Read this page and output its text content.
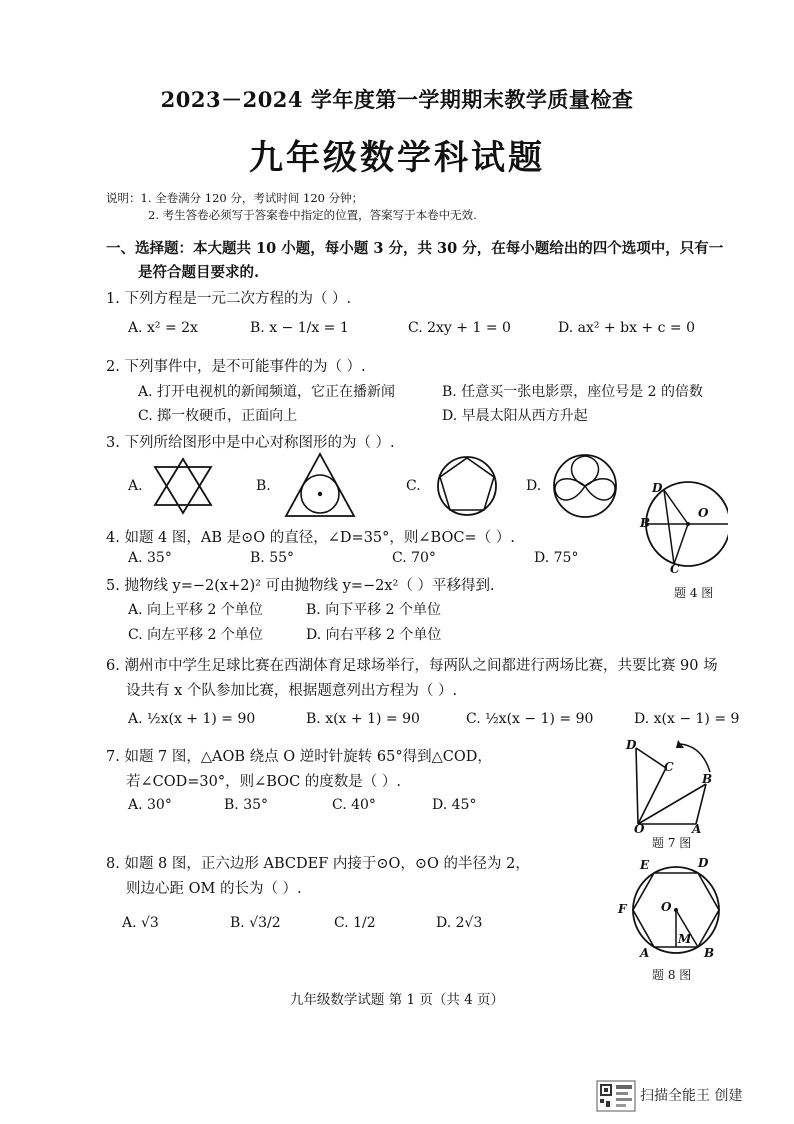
2023－2024 学年度第一学期期末教学质量检查
九年级数学科试题
说明：1. 全卷满分 120 分，考试时间 120 分钟；
2. 考生答卷必须写于答案卷中指定的位置，答案写于本卷中无效.
一、选择题：本大题共 10 小题，每小题 3 分，共 30 分，在每小题给出的四个选项中，只有一
是符合题目要求的.
1. 下列方程是一元二次方程的为（ ）.
A. x² = 2x	B. x − 1/x = 1	C. 2xy + 1 = 0	D. ax² + bx + c = 0
2. 下列事件中，是不可能事件的为（ ）.
A. 打开电视机的新闻频道，它正在播新闻	B. 任意买一张电影票，座位号是 2 的倍数
C. 掷一枚硬币，正面向上	D. 早晨太阳从西方升起
3. 下列所给图形中是中心对称图形的为（ ）.
A.	B.	C.	D.	D
B
O
C
题 4 图
4. 如题 4 图，AB 是⊙O 的直径，∠D=35°，则∠BOC=（ ）.
A. 35°	B. 55°	C. 70°	D. 75°
5. 抛物线 y=−2(x+2)² 可由抛物线 y=−2x²（ ）平移得到.
A. 向上平移 2 个单位	B. 向下平移 2 个单位
C. 向左平移 2 个单位	D. 向右平移 2 个单位
6. 潮州市中学生足球比赛在西湖体育足球场举行，每两队之间都进行两场比赛，共要比赛 90 场
设共有 x 个队参加比赛，根据题意列出方程为（ ）.
A. ½x(x + 1) = 90	B. x(x + 1) = 90	C. ½x(x − 1) = 90	D. x(x − 1) = 9
7. 如题 7 图，△AOB 绕点 O 逆时针旋转 65°得到△COD，
若∠COD=30°，则∠BOC 的度数是（ ）.
A. 30°	B. 35°	C. 40°	D. 45°
D
C
B
O	A
题 7 图
8. 如题 8 图，正六边形 ABCDEF 内接于⊙O，⊙O 的半径为 2，
则边心距 OM 的长为（ ）.
A. √3	B. √3/2	C. 1/2	D. 2√3
E	D
F	O
M
A	B
题 8 图
九年级数学试题 第 1 页（共 4 页）
扫描全能王 创建
